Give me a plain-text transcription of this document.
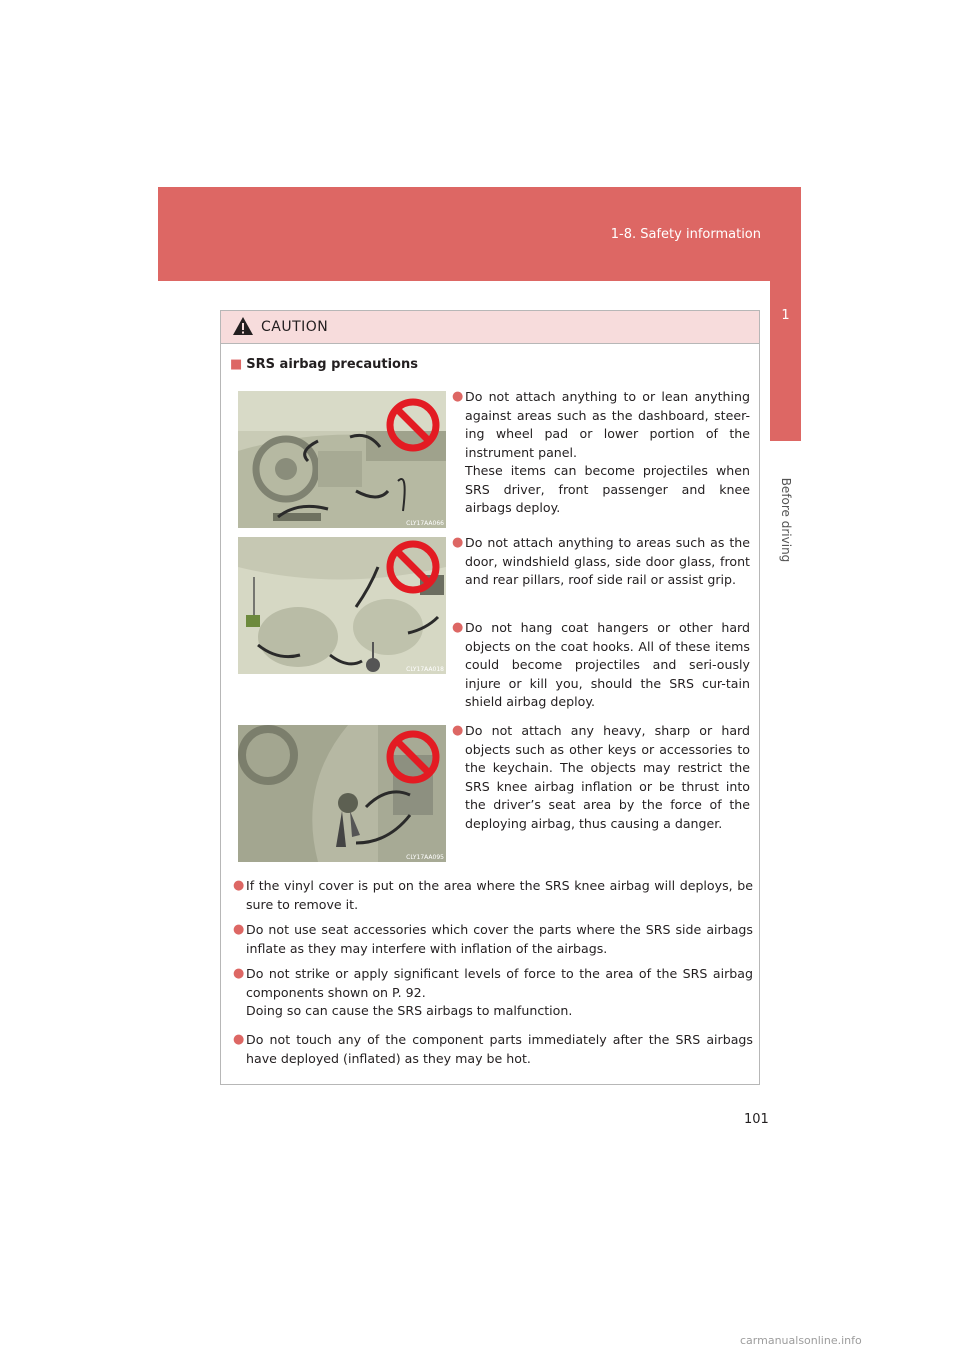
1-8. Safety information
1
Before driving
CAUTION
■ SRS airbag precautions
CLY17AA066
CLY17AA018
CLY17AA095
● Do not attach anything to or lean anything against areas such as the dashboard, steer-ing wheel pad or lower portion of the instrument panel.

These items can become projectiles when SRS driver, front passenger and knee airbags deploy.

● Do not attach anything to areas such as the door, windshield glass, side door glass, front and rear pillars, roof side rail or assist grip.

● Do not hang coat hangers or other hard objects on the coat hooks. All of these items could become projectiles and seri-ously injure or kill you, should the SRS cur-tain shield airbag deploy.

● Do not attach any heavy, sharp or hard objects such as other keys or accessories to the keychain. The objects may restrict the SRS knee airbag inflation or be thrust into the driver’s seat area by the force of the deploying airbag, thus causing a danger.

● If the vinyl cover is put on the area where the SRS knee airbag will deploys, be sure to remove it.

● Do not use seat accessories which cover the parts where the SRS side airbags inflate as they may interfere with inflation of the airbags.

● Do not strike or apply significant levels of force to the area of the SRS airbag components shown on P. 92.

Doing so can cause the SRS airbags to malfunction.

● Do not touch any of the component parts immediately after the SRS airbags have deployed (inflated) as they may be hot.

101
carmanualsonline.info
